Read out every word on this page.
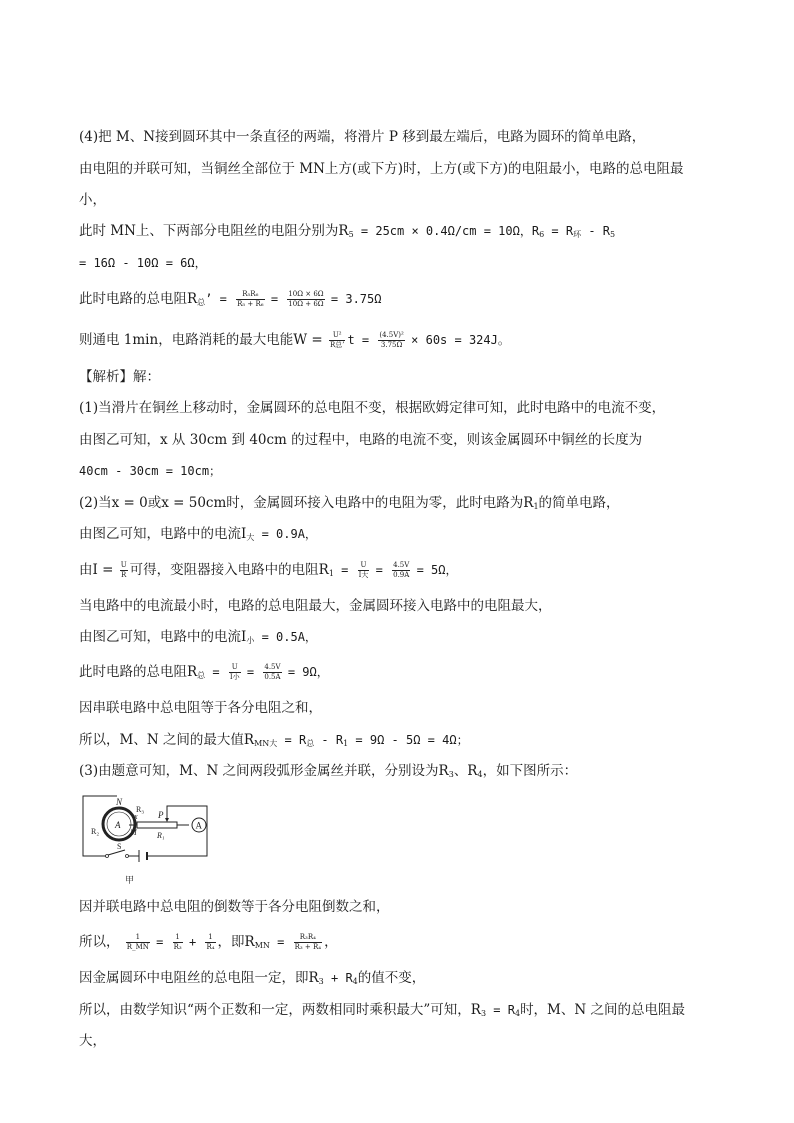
(4)把 M、N接到圆环其中一条直径的两端，将滑片 P 移到最左端后，电路为圆环的简单电路，
由电阻的并联可知，当铜丝全部位于 MN上方(或下方)时，上方(或下方)的电阻最小，电路的总电阻最
小，
此时 MN上、下两部分电阻丝的电阻分别为$R_5 = 25cm \times 0.4\Omega/cm = 10\Omega$，$R_6 = R_环 - R_5$
= 16Ω - 10Ω = 6Ω，
此时电路的总电阻$R_总$’ = $\frac{\text{R₅R₆}}{\text{R₅ + R₆}} = \frac{10\Omega \times 6\Omega}{10\Omega + 6\Omega} = 3.75\Omega$
则通电 1min，电路消耗的最大电能$W = \frac{\text{U²}}{\text{R总’}}$ $t = \frac{\text{(4.5V)²}}{3.75\Omega} \times 60s = 324J$。
【解析】解：
(1)当滑片在铜丝上移动时，金属圆环的总电阻不变，根据欧姆定律可知，此时电路中的电流不变，
由图乙可知，x 从 30cm 到 40cm 的过程中，电路的电流不变，则该金属圆环中铜丝的长度为
40cm - 30cm = 10cm；
(2)当x = 0或x = 50cm时，金属圆环接入电路中的电阻为零，此时电路为$R_1$的简单电路，
由图乙可知，电路中的电流$I_大 = 0.9A$，
由$I = \frac{U}{R}$ 可得，变阻器接入电路中的电阻$R_1 = \frac{U}{\text{I大}} = \frac{4.5V}{0.9A} = 5\Omega$，
当电路中的电流最小时，电路的总电阻最大，金属圆环接入电路中的电阻最大，
由图乙可知，电路中的电流$I_小 = 0.5A$，
此时电路的总电阻$R_总 = \frac{U}{\text{I小}} = \frac{4.5V}{0.5A} = 9\Omega$，
因串联电路中总电阻等于各分电阻之和，
所以，M、N 之间的最大值$R_{MN大} = R_总 - R_1 = 9\Omega - 5\Omega = 4\Omega$；
(3)由题意可知，M、N 之间两段弧形金属丝并联，分别设为$R_3$、$R_4$，如下图所示：
A
N
R₃
x P
A
M	R₁
R₂
S
甲
因并联电路中总电阻的倒数等于各分电阻倒数之和，
所以， $\frac{1}{R\_MN} = \frac{1}{\text{R₃}} + \frac{1}{\text{R₄}}$ ，即$R_{MN} = \frac{\text{R₃R₄}}{\text{R₃ + R₄}}$ ，
因金属圆环中电阻丝的总电阻一定，即$R_3 + R_4$的值不变，
所以，由数学知识“两个正数和一定，两数相同时乘积最大”可知，$R_3 = R_4$时，M、N 之间的总电阻最
大，
